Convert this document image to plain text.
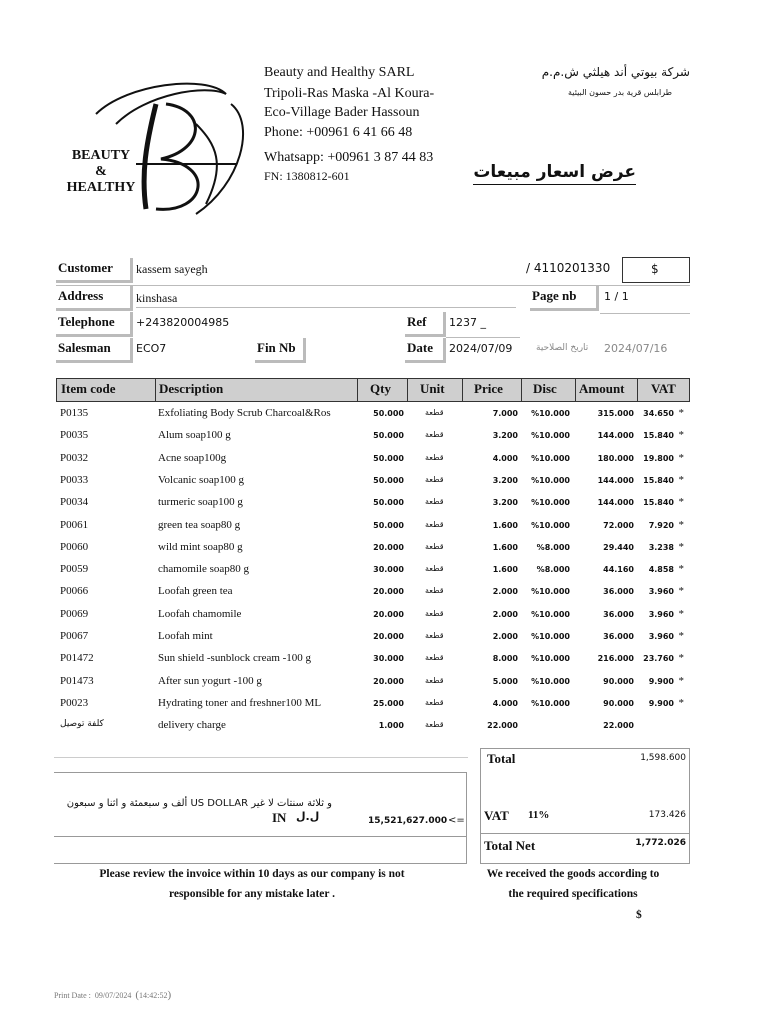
BEAUTY
&
HEALTHY
Beauty and Healthy SARL
Tripoli-Ras Maska -Al Koura-
Eco-Village Bader Hassoun
Phone: +00961 6 41 66 48
Whatsapp: +00961 3 87 44 83
FN: 1380812-601
شركة بيوتي أند هيلثي ش.م.م
طرابلس قرية بدر حسون البيئية
عرض اسعار مبيعات
Customer kassem sayegh	/ 4110201330	$
Address	kinshasa	Page nb	1 / 1
Telephone +243820004985	Ref 1237 _
Salesman ECO7	Fin Nb	Date 2024/07/09	تاريخ الصلاحية 2024/07/16
Item code	Description	Qty Unit Price Disc Amount VAT
P0135	Exfoliating Body Scrub Charcoal&Ros	50.000	قطعة	7.000 %10.000	315.000 34.650 *
P0035	Alum soap100 g	50.000	قطعة	3.200 %10.000	144.000 15.840 *
P0032	Acne soap100g	50.000	قطعة	4.000 %10.000	180.000 19.800 *
P0033	Volcanic soap100 g	50.000	قطعة	3.200 %10.000	144.000 15.840 *
P0034	turmeric soap100 g	50.000	قطعة	3.200 %10.000	144.000 15.840 *
P0061	green tea soap80 g	50.000	قطعة	1.600 %10.000	72.000 7.920 *
P0060	wild mint soap80 g	20.000	قطعة	1.600 %8.000	29.440 3.238 *
P0059	chamomile soap80 g	30.000	قطعة	1.600 %8.000	44.160 4.858 *
P0066	Loofah green tea	20.000	قطعة	2.000 %10.000	36.000 3.960 *
P0069	Loofah chamomile	20.000	قطعة	2.000 %10.000	36.000 3.960 *
P0067	Loofah mint	20.000	قطعة	2.000 %10.000	36.000 3.960 *
P01472	Sun shield -sunblock cream -100 g	30.000	قطعة	8.000 %10.000	216.000 23.760 *
P01473	After sun yogurt -100 g	20.000	قطعة	5.000 %10.000	90.000 9.900 *
P0023	Hydrating toner and freshner100 ML	25.000	قطعة	4.000 %10.000	90.000 9.900 *
كلفة توصيل	delivery charge	1.000	قطعة	22.000	22.000
و ثلاثة سنتات لا غير US DOLLAR ألف و سبعمئة و اثنا و سبعون
IN ل.ل	15,521,627.000 <=
Total	1,598.600
VAT 11%	173.426
Total Net	1,772.026
Please review the invoice within 10 days as our company is not
responsible for any mistake later .
We received the goods according to
the required specifications
$
Print Date : 09/07/2024 (14:42:52)
